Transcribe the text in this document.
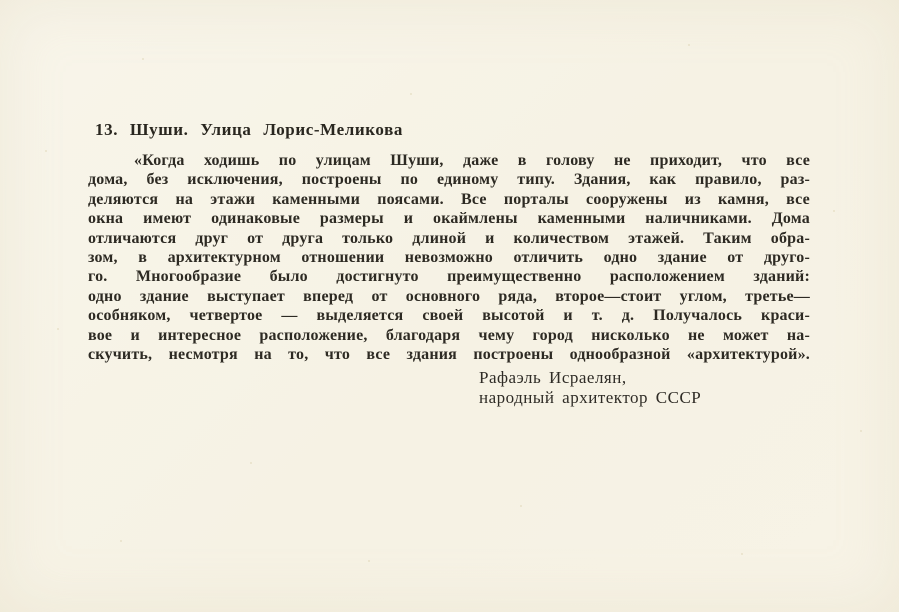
13. Шуши. Улица Лорис-Меликова
«Когда ходишь по улицам Шуши, даже в голову не приходит, что все
дома, без исключения, построены по единому типу. Здания, как правило, раз-
деляются на этажи каменными поясами. Все порталы сооружены из камня, все
окна имеют одинаковые размеры и окаймлены каменными наличниками. Дома
отличаются друг от друга только длиной и количеством этажей. Таким обра-
зом, в архитектурном отношении невозможно отличить одно здание от друго-
го. Многообразие было достигнуто преимущественно расположением зданий:
одно здание выступает вперед от основного ряда, второе—стоит углом, третье—
особняком, четвертое — выделяется своей высотой и т. д. Получалось краси-
вое и интересное расположение, благодаря чему город нисколько не может на-
скучить, несмотря на то, что все здания построены однообразной «архитектурой».
Рафаэль Исраелян,
народный архитектор СССР
